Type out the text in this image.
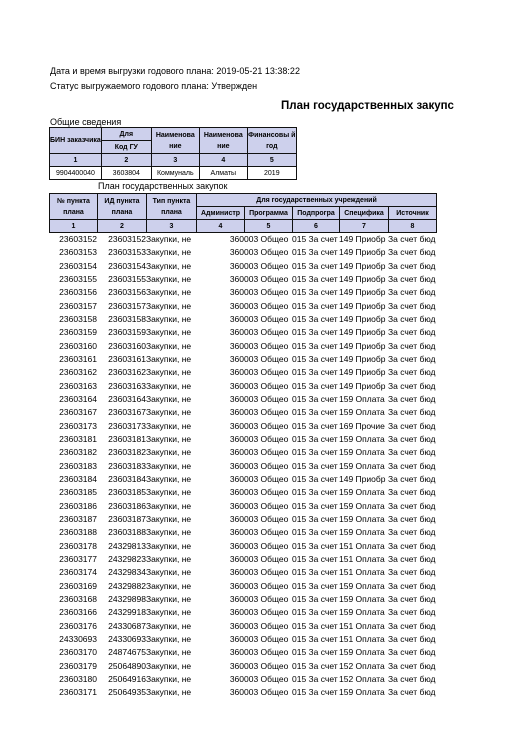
Дата и время выгрузки годового плана: 2019-05-21 13:38:22
Статус выгружаемого годового плана: Утвержден
План государственных закупс
Общие сведения
БИН заказчика	Для	Наименова ние	Наименова ние	Финансовы й год
	Код ГУ			
1	2	3	4	5
9904400040	3603804	Коммуналь	Алматы	2019
План государственных закупок
№ пункта плана	ИД пункта плана	Тип пункта плана	Для государственных учреждений				
			Администр	Программа	Подпрогра	Специфика	Источник
1	2	3	4	5	6	7	8
23603152	23603152	Закупки, не	360	003 Общео	015 За счет	149 Приобр	За счет бюд
23603153	23603153	Закупки, не	360	003 Общео	015 За счет	149 Приобр	За счет бюд
23603154	23603154	Закупки, не	360	003 Общео	015 За счет	149 Приобр	За счет бюд
23603155	23603155	Закупки, не	360	003 Общео	015 За счет	149 Приобр	За счет бюд
23603156	23603156	Закупки, не	360	003 Общео	015 За счет	149 Приобр	За счет бюд
23603157	23603157	Закупки, не	360	003 Общео	015 За счет	149 Приобр	За счет бюд
23603158	23603158	Закупки, не	360	003 Общео	015 За счет	149 Приобр	За счет бюд
23603159	23603159	Закупки, не	360	003 Общео	015 За счет	149 Приобр	За счет бюд
23603160	23603160	Закупки, не	360	003 Общео	015 За счет	149 Приобр	За счет бюд
23603161	23603161	Закупки, не	360	003 Общео	015 За счет	149 Приобр	За счет бюд
23603162	23603162	Закупки, не	360	003 Общео	015 За счет	149 Приобр	За счет бюд
23603163	23603163	Закупки, не	360	003 Общео	015 За счет	149 Приобр	За счет бюд
23603164	23603164	Закупки, не	360	003 Общео	015 За счет	159 Оплата	За счет бюд
23603167	23603167	Закупки, не	360	003 Общео	015 За счет	159 Оплата	За счет бюд
23603173	23603173	Закупки, не	360	003 Общео	015 За счет	169 Прочие	За счет бюд
23603181	23603181	Закупки, не	360	003 Общео	015 За счет	159 Оплата	За счет бюд
23603182	23603182	Закупки, не	360	003 Общео	015 За счет	159 Оплата	За счет бюд
23603183	23603183	Закупки, не	360	003 Общео	015 За счет	159 Оплата	За счет бюд
23603184	23603184	Закупки, не	360	003 Общео	015 За счет	149 Приобр	За счет бюд
23603185	23603185	Закупки, не	360	003 Общео	015 За счет	159 Оплата	За счет бюд
23603186	23603186	Закупки, не	360	003 Общео	015 За счет	159 Оплата	За счет бюд
23603187	23603187	Закупки, не	360	003 Общео	015 За счет	159 Оплата	За счет бюд
23603188	23603188	Закупки, не	360	003 Общео	015 За счет	159 Оплата	За счет бюд
23603178	24329813	Закупки, не	360	003 Общео	015 За счет	151 Оплата	За счет бюд
23603177	24329823	Закупки, не	360	003 Общео	015 За счет	151 Оплата	За счет бюд
23603174	24329834	Закупки, не	360	003 Общео	015 За счет	151 Оплата	За счет бюд
23603169	24329882	Закупки, не	360	003 Общео	015 За счет	159 Оплата	За счет бюд
23603168	24329898	Закупки, не	360	003 Общео	015 За счет	159 Оплата	За счет бюд
23603166	24329918	Закупки, не	360	003 Общео	015 За счет	159 Оплата	За счет бюд
23603176	24330687	Закупки, не	360	003 Общео	015 За счет	151 Оплата	За счет бюд
24330693	24330693	Закупки, не	360	003 Общео	015 За счет	151 Оплата	За счет бюд
23603170	24874675	Закупки, не	360	003 Общео	015 За счет	159 Оплата	За счет бюд
23603179	25064890	Закупки, не	360	003 Общео	015 За счет	152 Оплата	За счет бюд
23603180	25064916	Закупки, не	360	003 Общео	015 За счет	152 Оплата	За счет бюд
23603171	25064935	Закупки, не	360	003 Общео	015 За счет	159 Оплата	За счет бюд
